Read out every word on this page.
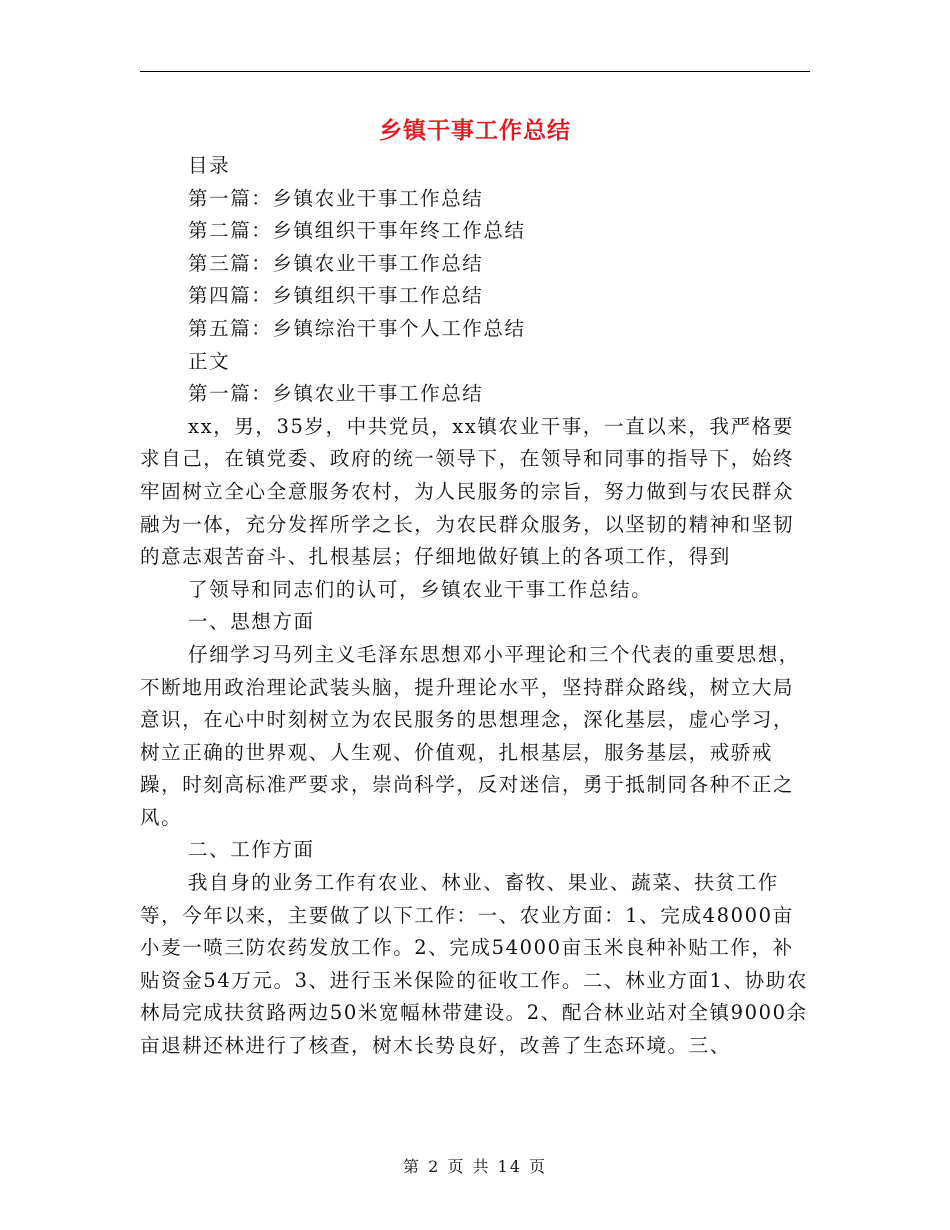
乡镇干事工作总结

目录

第一篇：乡镇农业干事工作总结

第二篇：乡镇组织干事年终工作总结

第三篇：乡镇农业干事工作总结

第四篇：乡镇组织干事工作总结

第五篇：乡镇综治干事个人工作总结

正文

第一篇：乡镇农业干事工作总结

xx，男，35岁，中共党员，xx镇农业干事，一直以来，我严格要求自己，在镇党委、政府的统一领导下，在领导和同事的指导下，始终牢固树立全心全意服务农村，为人民服务的宗旨，努力做到与农民群众融为一体，充分发挥所学之长，为农民群众服务，以坚韧的精神和坚韧的意志艰苦奋斗、扎根基层；仔细地做好镇上的各项工作，得到

了领导和同志们的认可，乡镇农业干事工作总结。

一、思想方面

仔细学习马列主义毛泽东思想邓小平理论和三个代表的重要思想，不断地用政治理论武装头脑，提升理论水平，坚持群众路线，树立大局意识，在心中时刻树立为农民服务的思想理念，深化基层，虚心学习，树立正确的世界观、人生观、价值观，扎根基层，服务基层，戒骄戒躁，时刻高标准严要求，崇尚科学，反对迷信，勇于抵制同各种不正之风。

二、工作方面

我自身的业务工作有农业、林业、畜牧、果业、蔬菜、扶贫工作等，今年以来，主要做了以下工作：一、农业方面：1、完成48000亩小麦一喷三防农药发放工作。2、完成54000亩玉米良种补贴工作，补贴资金54万元。3、进行玉米保险的征收工作。二、林业方面1、协助农林局完成扶贫路两边50米宽幅林带建设。2、配合林业站对全镇9000余亩退耕还林进行了核查，树木长势良好，改善了生态环境。三、

第 2 页 共 14 页
